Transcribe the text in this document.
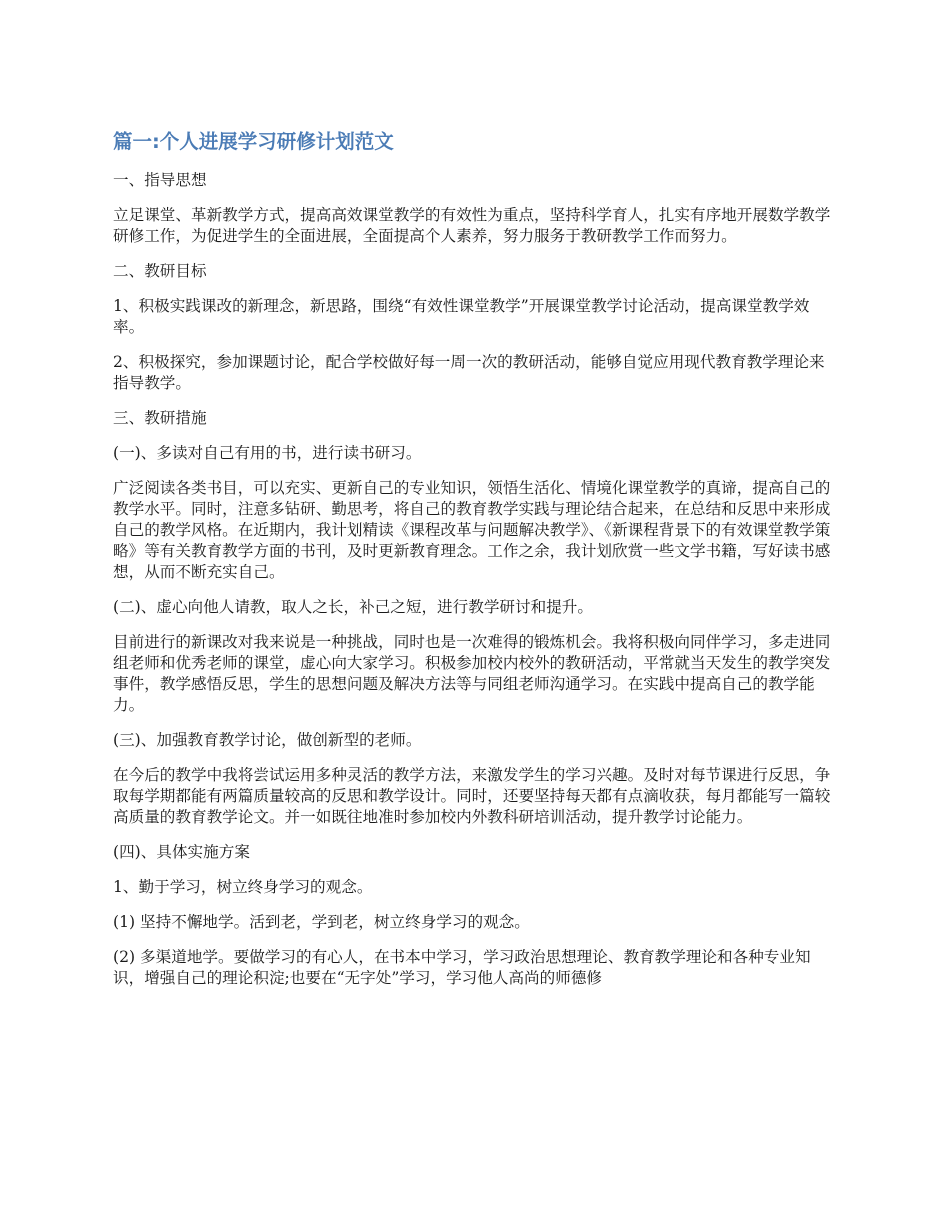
篇一:个人进展学习研修计划范文

一、指导思想

立足课堂、革新教学方式，提高高效课堂教学的有效性为重点，坚持科学育人，扎实有序地开展数学教学研修工作，为促进学生的全面进展，全面提高个人素养，努力服务于教研教学工作而努力。

二、教研目标

1、积极实践课改的新理念，新思路，围绕“有效性课堂教学”开展课堂教学讨论活动，提高课堂教学效率。

2、积极探究，参加课题讨论，配合学校做好每一周一次的教研活动，能够自觉应用现代教育教学理论来指导教学。

三、教研措施

(一)、多读对自己有用的书，进行读书研习。

广泛阅读各类书目，可以充实、更新自己的专业知识，领悟生活化、情境化课堂教学的真谛，提高自己的教学水平。同时，注意多钻研、勤思考，将自己的教育教学实践与理论结合起来，在总结和反思中来形成自己的教学风格。在近期内，我计划精读《课程改革与问题解决教学》、《新课程背景下的有效课堂教学策略》等有关教育教学方面的书刊，及时更新教育理念。工作之余，我计划欣赏一些文学书籍，写好读书感想，从而不断充实自己。

(二)、虚心向他人请教，取人之长，补己之短，进行教学研讨和提升。

目前进行的新课改对我来说是一种挑战，同时也是一次难得的锻炼机会。我将积极向同伴学习，多走进同组老师和优秀老师的课堂，虚心向大家学习。积极参加校内校外的教研活动，平常就当天发生的教学突发事件，教学感悟反思，学生的思想问题及解决方法等与同组老师沟通学习。在实践中提高自己的教学能力。

(三)、加强教育教学讨论，做创新型的老师。

在今后的教学中我将尝试运用多种灵活的教学方法，来激发学生的学习兴趣。及时对每节课进行反思，争取每学期都能有两篇质量较高的反思和教学设计。同时，还要坚持每天都有点滴收获，每月都能写一篇较高质量的教育教学论文。并一如既往地准时参加校内外教科研培训活动，提升教学讨论能力。

(四)、具体实施方案

1、勤于学习，树立终身学习的观念。

(1) 坚持不懈地学。活到老，学到老，树立终身学习的观念。

(2) 多渠道地学。要做学习的有心人，在书本中学习，学习政治思想理论、教育教学理论和各种专业知识，增强自己的理论积淀;也要在“无字处”学习，学习他人高尚的师德修
